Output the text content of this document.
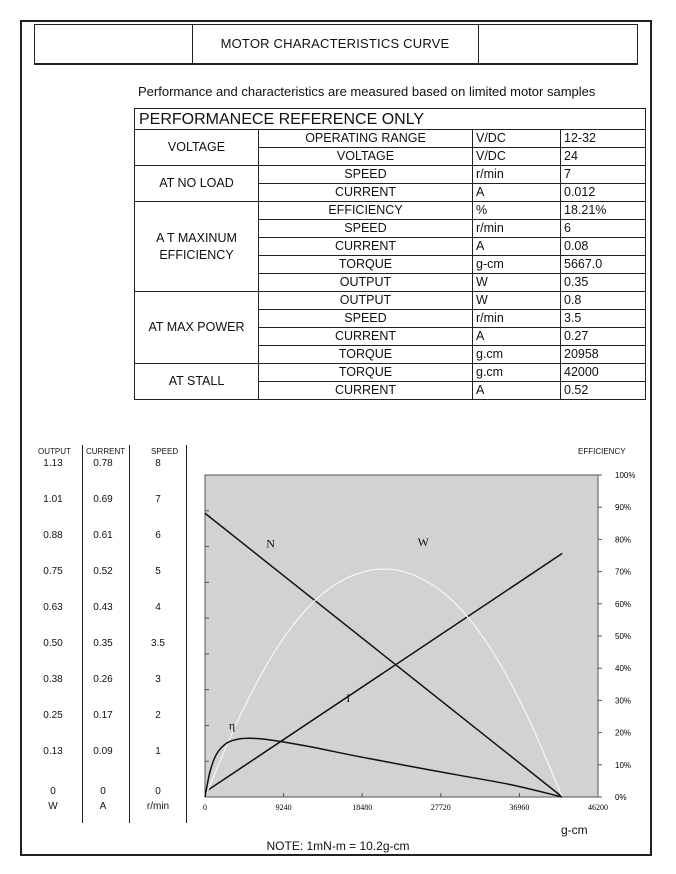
MOTOR CHARACTERISTICS CURVE
Performance and characteristics are measured based on limited motor samples
PERFORMANECE REFERENCE ONLY			
VOLTAGE	OPERATING RANGE	V/DC	12-32
	VOLTAGE	V/DC	24
AT NO LOAD	SPEED	r/min	7
	CURRENT	A	0.012
A T MAXINUM EFFICIENCY	EFFICIENCY	%	18.21%
	SPEED	r/min	6
	CURRENT	A	0.08
	TORQUE	g-cm	5667.0
	OUTPUT	W	0.35
AT MAX POWER	OUTPUT	W	0.8
	SPEED	r/min	3.5
	CURRENT	A	0.27
	TORQUE	g.cm	20958
AT STALL	TORQUE	g.cm	42000
	CURRENT	A	0.52
OUTPUT CURRENT	SPEED	EFFICIENCY
1.13
1.01
0.88
0.75
0.63
0.50
0.38
0.25
0.13
0
W
0.78
0.69
0.61
0.52
0.43
0.35
0.26
0.17
0.09
0
A
8
7
6
5
4
3.5
3
2
1
0
r/min
100%
90%
80%
70%
60%
50%
40%
30%
20%
10%
0%
0	9240	18480	27720	36960	46200
N
I
W
η
g-cm
NOTE: 1mN-m = 10.2g-cm
